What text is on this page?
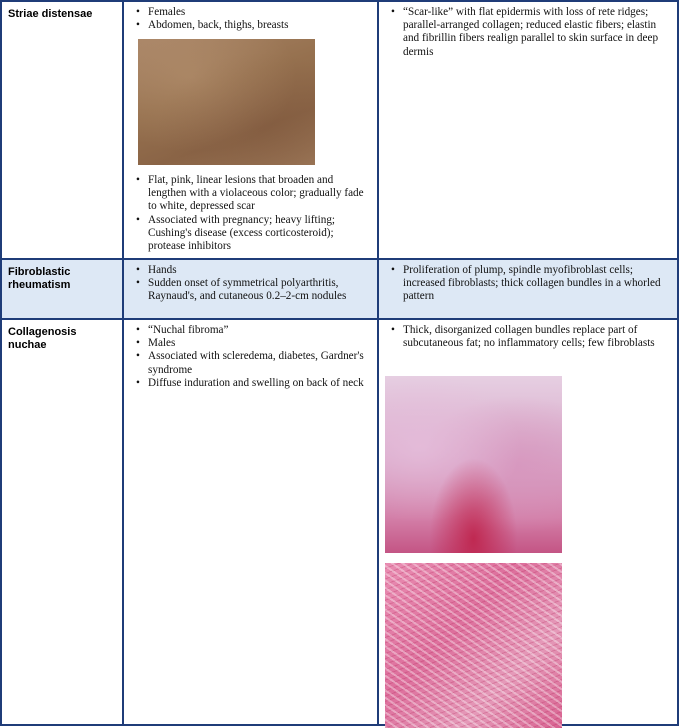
Striae distensae
•	Females
• Abdomen, back, thighs, breasts
• Flat, pink, linear lesions that broaden and lengthen with a violaceous color; gradually fade to white, depressed scar
• Associated with pregnancy; heavy lifting; Cushing's disease (excess corticosteroid); protease inhibitors
• “Scar-like” with flat epidermis with loss of rete ridges; parallel-arranged collagen; reduced elastic fibers; elastin and fibrillin fibers realign parallel to skin surface in deep dermis
Fibroblastic rheumatism
• Hands
• Sudden onset of symmetrical polyarthritis, Raynaud's, and cutaneous 0.2–2-cm nodules
• Proliferation of plump, spindle myofibroblast cells; increased fibroblasts; thick collagen bundles in a whorled pattern
Collagenosis nuchae
• “Nuchal fibroma”
• Males
• Associated with scleredema, diabetes, Gardner's syndrome
• Diffuse induration and swelling on back of neck
• Thick, disorganized collagen bundles replace part of subcutaneous fat; no inflammatory cells; few fibroblasts
